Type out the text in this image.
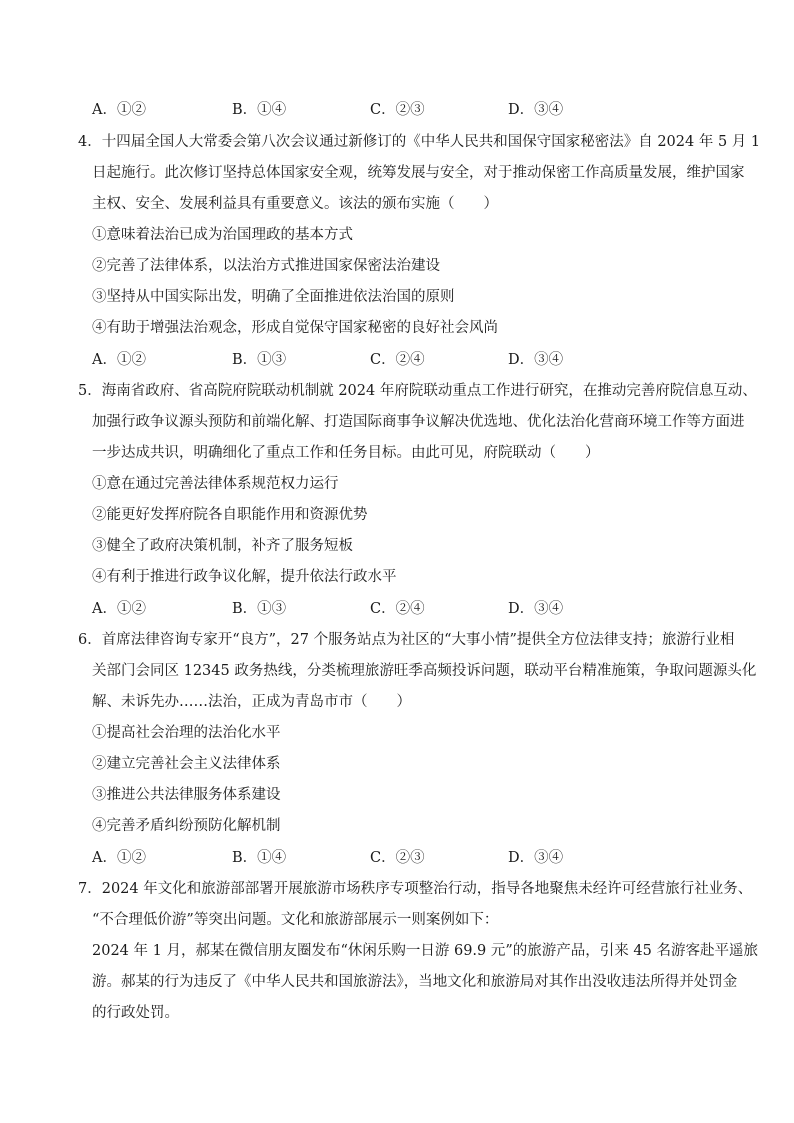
A．①②	B．①④	C．②③	D．③④
4．十四届全国人大常委会第八次会议通过新修订的《中华人民共和国保守国家秘密法》自 2024 年 5 月 1
日起施行。此次修订坚持总体国家安全观，统筹发展与安全，对于推动保密工作高质量发展，维护国家
主权、安全、发展利益具有重要意义。该法的颁布实施（　　）
①意味着法治已成为治国理政的基本方式
②完善了法律体系，以法治方式推进国家保密法治建设
③坚持从中国实际出发，明确了全面推进依法治国的原则
④有助于增强法治观念，形成自觉保守国家秘密的良好社会风尚
A．①②	B．①③	C．②④	D．③④
5．海南省政府、省高院府院联动机制就 2024 年府院联动重点工作进行研究，在推动完善府院信息互动、
加强行政争议源头预防和前端化解、打造国际商事争议解决优选地、优化法治化营商环境工作等方面进
一步达成共识，明确细化了重点工作和任务目标。由此可见，府院联动（　　）
①意在通过完善法律体系规范权力运行
②能更好发挥府院各自职能作用和资源优势
③健全了政府决策机制，补齐了服务短板
④有利于推进行政争议化解，提升依法行政水平
A．①②	B．①③	C．②④	D．③④
6．首席法律咨询专家开“良方”，27 个服务站点为社区的“大事小情”提供全方位法律支持；旅游行业相
关部门会同区 12345 政务热线，分类梳理旅游旺季高频投诉问题，联动平台精准施策，争取问题源头化
解、未诉先办……法治，正成为青岛市市（　　）
①提高社会治理的法治化水平
②建立完善社会主义法律体系
③推进公共法律服务体系建设
④完善矛盾纠纷预防化解机制
A．①②	B．①④	C．②③	D．③④
7．2024 年文化和旅游部部署开展旅游市场秩序专项整治行动，指导各地聚焦未经许可经营旅行社业务、
“不合理低价游”等突出问题。文化和旅游部展示一则案例如下：
2024 年 1 月，郝某在微信朋友圈发布“休闲乐购一日游 69.9 元”的旅游产品，引来 45 名游客赴平遥旅
游。郝某的行为违反了《中华人民共和国旅游法》，当地文化和旅游局对其作出没收违法所得并处罚金
的行政处罚。
